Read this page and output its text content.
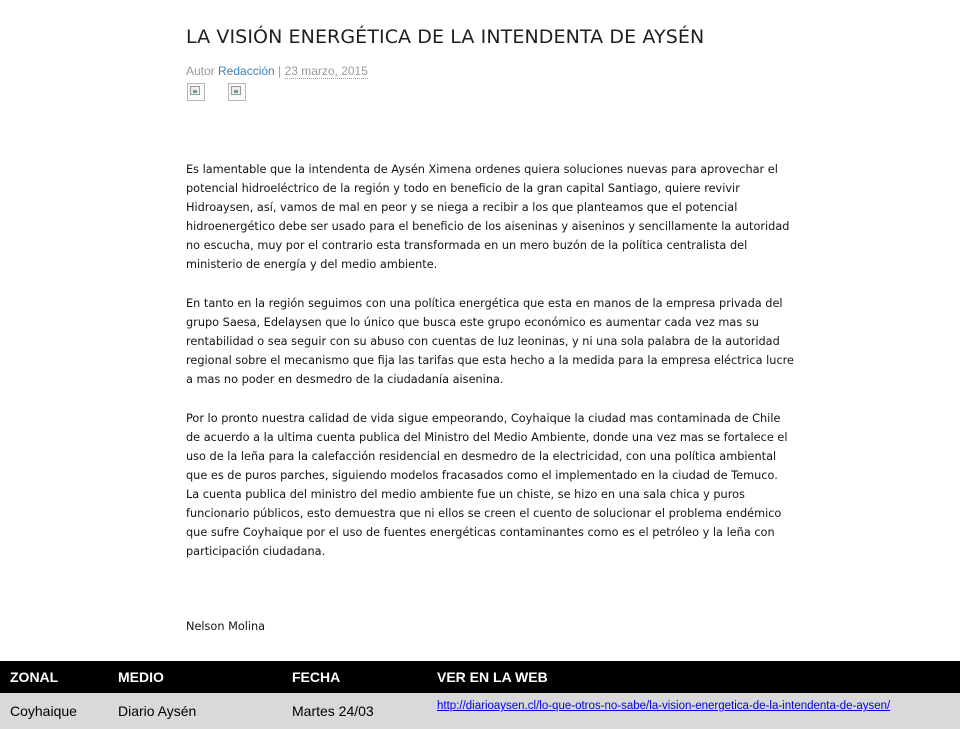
LA VISIÓN ENERGÉTICA DE LA INTENDENTA DE AYSÉN
Autor Redacción | 23 marzo, 2015

Es lamentable que la intendenta de Aysén Ximena ordenes quiera soluciones nuevas para aprovechar el
potencial hidroeléctrico de la región y todo en beneficio de la gran capital Santiago, quiere revivir
Hidroaysen, así, vamos de mal en peor y se niega a recibir a los que planteamos que el potencial
hidroenergético debe ser usado para el beneficio de los aiseninas y aiseninos y sencillamente la autoridad
no escucha, muy por el contrario esta transformada en un mero buzón de la política centralista del
ministerio de energía y del medio ambiente.

En tanto en la región seguimos con una política energética que esta en manos de la empresa privada del
grupo Saesa, Edelaysen que lo único que busca este grupo económico es aumentar cada vez mas su
rentabilidad o sea seguir con su abuso con cuentas de luz leoninas, y ni una sola palabra de la autoridad
regional sobre el mecanismo que fija las tarifas que esta hecho a la medida para la empresa eléctrica lucre
a mas no poder en desmedro de la ciudadanía aisenina.

Por lo pronto nuestra calidad de vida sigue empeorando, Coyhaique la ciudad mas contaminada de Chile
de acuerdo a la ultima cuenta publica del Ministro del Medio Ambiente, donde una vez mas se fortalece el
uso de la leña para la calefacción residencial en desmedro de la electricidad, con una política ambiental
que es de puros parches, siguiendo modelos fracasados como el implementado en la ciudad de Temuco.
La cuenta publica del ministro del medio ambiente fue un chiste, se hizo en una sala chica y puros
funcionario públicos, esto demuestra que ni ellos se creen el cuento de solucionar el problema endémico
que sufre Coyhaique por el uso de fuentes energéticas contaminantes como es el petróleo y la leña con
participación ciudadana.

Nelson Molina
ZONAL	MEDIO	FECHA	VER EN LA WEB
Coyhaique	Diario Aysén	Martes 24/03	http://diarioaysen.cl/lo-que-otros-no-sabe/la-vision-energetica-de-la-intendenta-de-aysen/
